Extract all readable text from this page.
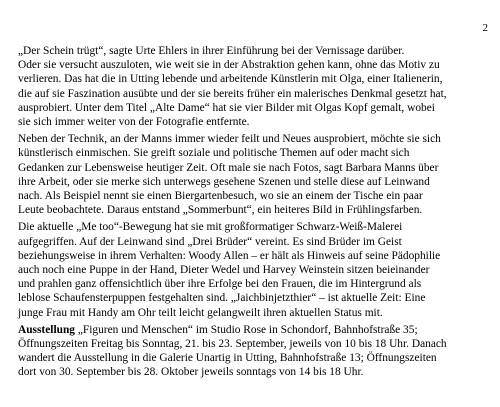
2

„Der Schein trügt“, sagte Urte Ehlers in ihrer Einführung bei der Vernissage darüber.
Oder sie versucht auszuloten, wie weit sie in der Abstraktion gehen kann, ohne das Motiv zu
verlieren. Das hat die in Utting lebende und arbeitende Künstlerin mit Olga, einer Italienerin,
die auf sie Faszination ausübte und der sie bereits früher ein malerisches Denkmal gesetzt hat,
ausprobiert. Unter dem Titel „Alte Dame“ hat sie vier Bilder mit Olgas Kopf gemalt, wobei
sie sich immer weiter von der Fotografie entfernte.

Neben der Technik, an der Manns immer wieder feilt und Neues ausprobiert, möchte sie sich
künstlerisch einmischen. Sie greift soziale und politische Themen auf oder macht sich
Gedanken zur Lebensweise heutiger Zeit. Oft male sie nach Fotos, sagt Barbara Manns über
ihre Arbeit, oder sie merke sich unterwegs gesehene Szenen und stelle diese auf Leinwand
nach. Als Beispiel nennt sie einen Biergartenbesuch, wo sie an einem der Tische ein paar
Leute beobachtete. Daraus entstand „Sommerbunt“, ein heiteres Bild in Frühlingsfarben.

Die aktuelle „Me too“-Bewegung hat sie mit großformatiger Schwarz-Weiß-Malerei
aufgegriffen. Auf der Leinwand sind „Drei Brüder“ vereint. Es sind Brüder im Geist
beziehungsweise in ihrem Verhalten: Woody Allen – er hält als Hinweis auf seine Pädophilie
auch noch eine Puppe in der Hand, Dieter Wedel und Harvey Weinstein sitzen beieinander
und prahlen ganz offensichtlich über ihre Erfolge bei den Frauen, die im Hintergrund als
leblose Schaufensterpuppen festgehalten sind. „Jaichbinjetzthier“ – ist aktuelle Zeit: Eine
junge Frau mit Handy am Ohr teilt leicht gelangweilt ihren aktuellen Status mit.

Ausstellung „Figuren und Menschen“ im Studio Rose in Schondorf, Bahnhofstraße 35;
Öffnungszeiten Freitag bis Sonntag, 21. bis 23. September, jeweils von 10 bis 18 Uhr. Danach
wandert die Ausstellung in die Galerie Unartig in Utting, Bahnhofstraße 13; Öffnungszeiten
dort von 30. September bis 28. Oktober jeweils sonntags von 14 bis 18 Uhr.
